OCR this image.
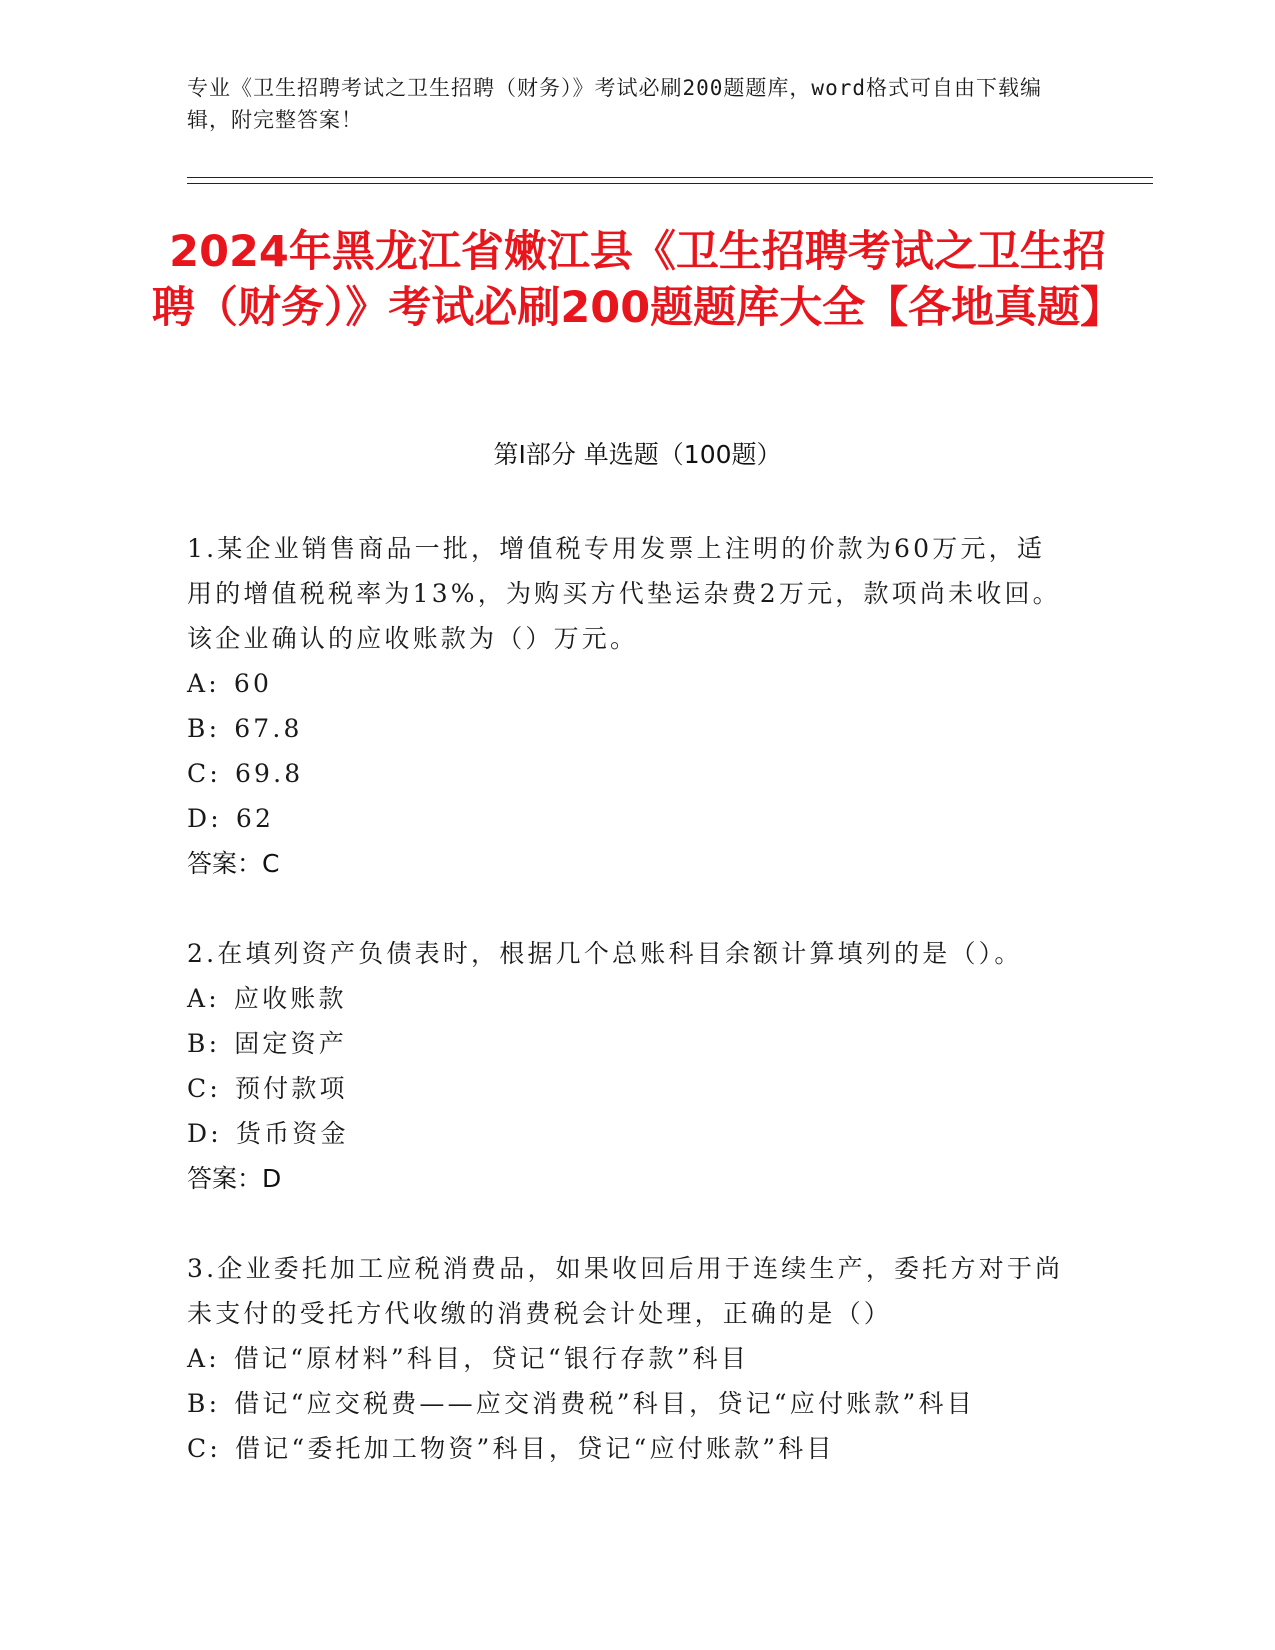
专业《卫生招聘考试之卫生招聘（财务）》考试必刷200题题库，word格式可自由下载编辑，附完整答案！
2024年黑龙江省嫩江县《卫生招聘考试之卫生招聘（财务）》考试必刷200题题库大全【各地真题】
第I部分 单选题（100题）
1.某企业销售商品一批，增值税专用发票上注明的价款为60万元，适用的增值税税率为13%，为购买方代垫运杂费2万元，款项尚未收回。该企业确认的应收账款为（）万元。
A: 60
B: 67.8
C: 69.8
D: 62
答案：C
2.在填列资产负债表时，根据几个总账科目余额计算填列的是（）。
A: 应收账款
B: 固定资产
C: 预付款项
D: 货币资金
答案：D
3.企业委托加工应税消费品，如果收回后用于连续生产，委托方对于尚未支付的受托方代收缴的消费税会计处理，正确的是（）
A: 借记“原材料”科目，贷记“银行存款”科目
B: 借记“应交税费——应交消费税”科目，贷记“应付账款”科目
C: 借记“委托加工物资”科目，贷记“应付账款”科目
